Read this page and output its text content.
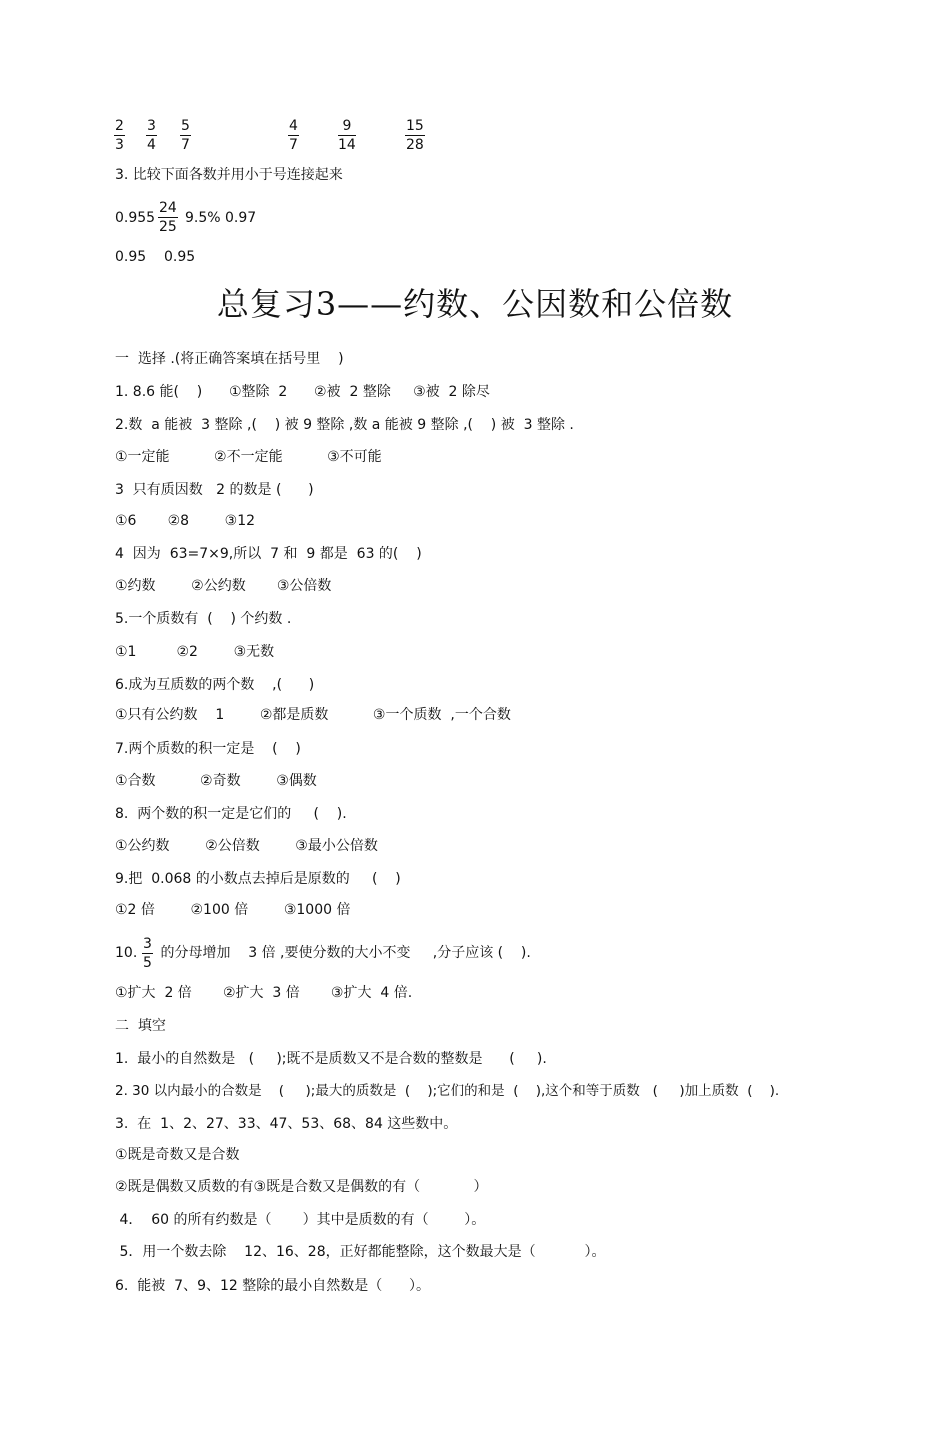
2
3
3
4
5
7
4
7
9
14
15
28
3. 比较下面各数并用小于号连接起来
0.955
24
25
9.5% 0.97
0.95    0.95
总复习3——约数、公因数和公倍数
一  选择 .(将正确答案填在括号里    )
1. 8.6 能(    )      ①整除  2      ②被  2 整除     ③被  2 除尽
2.数  a 能被  3 整除 ,(    ) 被 9 整除 ,数 a 能被 9 整除 ,(    ) 被  3 整除 .
①一定能          ②不一定能          ③不可能
3  只有质因数   2 的数是 (      )
①6       ②8        ③12
4  因为  63=7×9,所以  7 和  9 都是  63 的(    )
①约数        ②公约数       ③公倍数
5.一个质数有  (    ) 个约数 .
①1         ②2        ③无数
6.成为互质数的两个数    ,(      )
①只有公约数    1        ②都是质数          ③一个质数  ,一个合数
7.两个质数的积一定是    (    )
①合数          ②奇数        ③偶数
8.  两个数的积一定是它们的     (    ).
①公约数        ②公倍数        ③最小公倍数
9.把  0.068 的小数点去掉后是原数的     (    )
①2 倍        ②100 倍        ③1000 倍
10.
3
5
的分母增加    3 倍 ,要使分数的大小不变     ,分子应该 (    ).
①扩大  2 倍       ②扩大  3 倍       ③扩大  4 倍.
二  填空
1.  最小的自然数是   (     );既不是质数又不是合数的整数是      (     ).
2. 30 以内最小的合数是    (     );最大的质数是  (    );它们的和是  (    ),这个和等于质数   (     )加上质数  (    ).
3.  在  1、2、27、33、47、53、68、84 这些数中。
①既是奇数又是合数
②既是偶数又质数的有③既是合数又是偶数的有（            ）
4．  60 的所有约数是（       ）其中是质数的有（        ）。
5．用一个数去除    12、16、28，正好都能整除，这个数最大是（           ）。
6.  能被  7、9、12 整除的最小自然数是（      ）。
